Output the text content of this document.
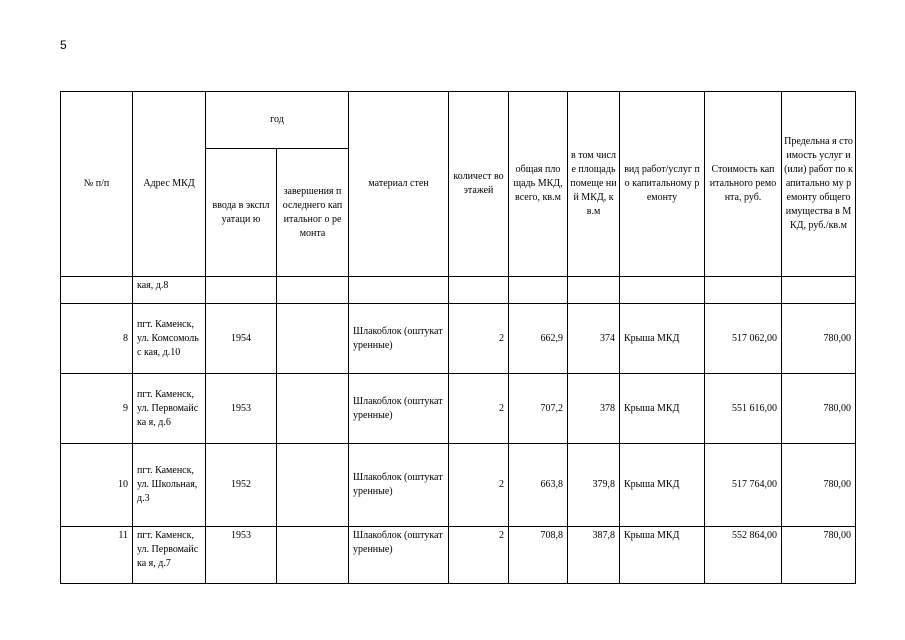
5
№ п/п	Адрес МКД	год		материал стен	количест во этажей	общая площадь МКД, всего, кв.м	в том числе площадь помеще ний МКД, кв.м	вид работ/услуг по капитальному ремонту	Стоимость капитального ремонта, руб.	Предельна я стоимость услуг и (или) работ по капитально му ремонту общего имущества в МКД, руб./кв.м
		ввода в эксплуатаци ю	завершения последнего капитальног о ремонта							
	кая, д.8									
8	пгт. Каменск, ул. Комсомольс кая, д.10	1954		Шлакоблок (оштукатуренные)	2	662,9	374	Крыша МКД	517 062,00	780,00
9	пгт. Каменск, ул. Первомайска я, д.6	1953		Шлакоблок (оштукатуренные)	2	707,2	378	Крыша МКД	551 616,00	780,00
10	пгт. Каменск, ул. Школьная, д.3	1952		Шлакоблок (оштукатуренные)	2	663,8	379,8	Крыша МКД	517 764,00	780,00
11	пгт. Каменск, ул. Первомайска я, д.7	1953		Шлакоблок (оштукатуренные)	2	708,8	387,8	Крыша МКД	552 864,00	780,00
